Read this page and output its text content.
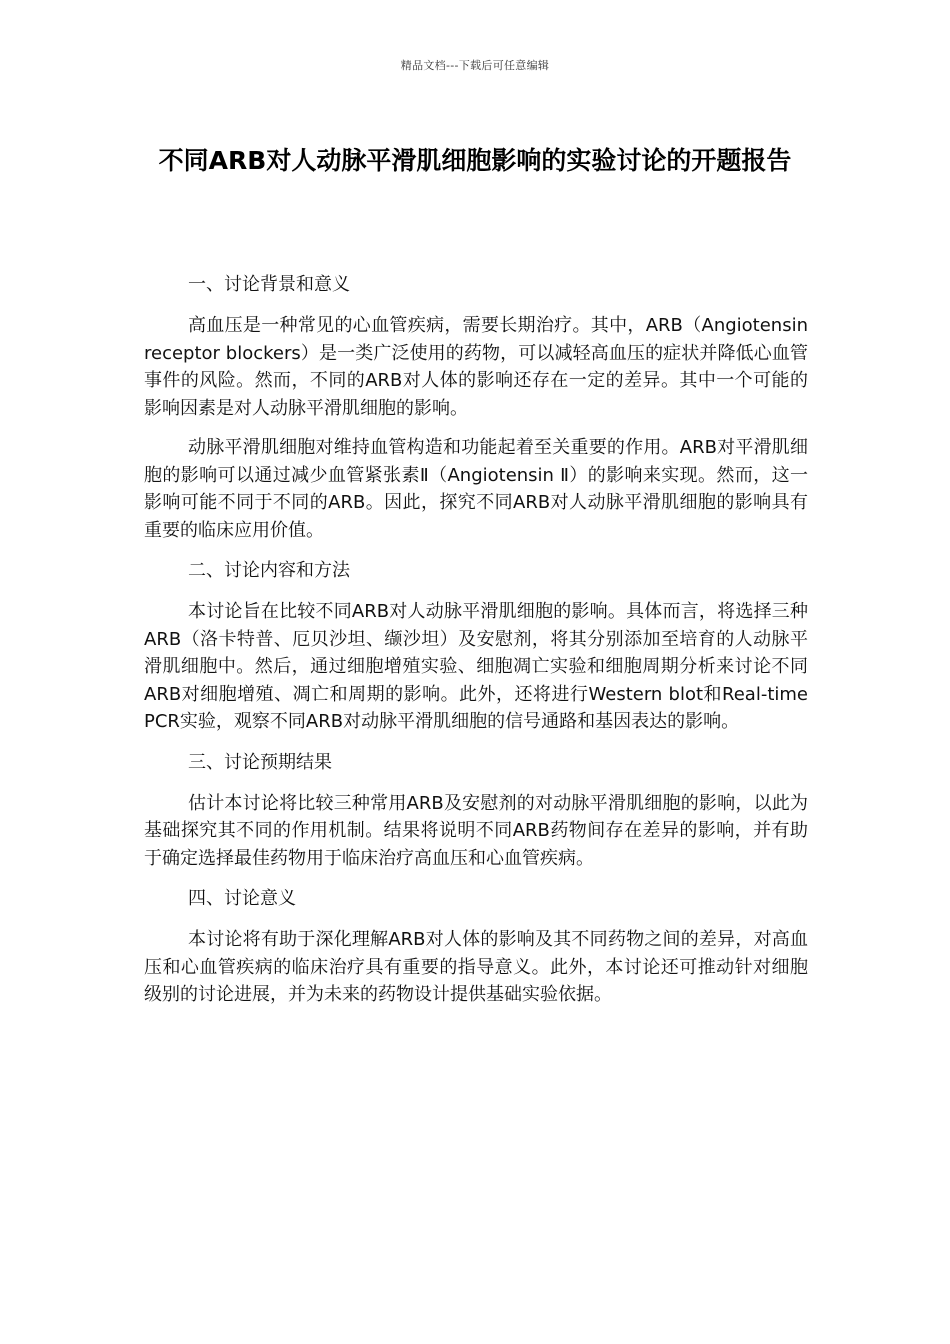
精品文档---下载后可任意编辑
不同ARB对人动脉平滑肌细胞影响的实验讨论的开题报告
一、讨论背景和意义

高血压是一种常见的心血管疾病，需要长期治疗。其中，ARB（Angiotensin receptor blockers）是一类广泛使用的药物，可以减轻高血压的症状并降低心血管事件的风险。然而，不同的ARB对人体的影响还存在一定的差异。其中一个可能的影响因素是对人动脉平滑肌细胞的影响。

动脉平滑肌细胞对维持血管构造和功能起着至关重要的作用。ARB对平滑肌细胞的影响可以通过减少血管紧张素Ⅱ（Angiotensin Ⅱ）的影响来实现。然而，这一影响可能不同于不同的ARB。因此，探究不同ARB对人动脉平滑肌细胞的影响具有重要的临床应用价值。

二、讨论内容和方法

本讨论旨在比较不同ARB对人动脉平滑肌细胞的影响。具体而言，将选择三种ARB（洛卡特普、厄贝沙坦、缬沙坦）及安慰剂，将其分别添加至培育的人动脉平滑肌细胞中。然后，通过细胞增殖实验、细胞凋亡实验和细胞周期分析来讨论不同ARB对细胞增殖、凋亡和周期的影响。此外，还将进行Western blot和Real-time PCR实验，观察不同ARB对动脉平滑肌细胞的信号通路和基因表达的影响。

三、讨论预期结果

估计本讨论将比较三种常用ARB及安慰剂的对动脉平滑肌细胞的影响，以此为基础探究其不同的作用机制。结果将说明不同ARB药物间存在差异的影响，并有助于确定选择最佳药物用于临床治疗高血压和心血管疾病。

四、讨论意义

本讨论将有助于深化理解ARB对人体的影响及其不同药物之间的差异，对高血压和心血管疾病的临床治疗具有重要的指导意义。此外，本讨论还可推动针对细胞级别的讨论进展，并为未来的药物设计提供基础实验依据。
